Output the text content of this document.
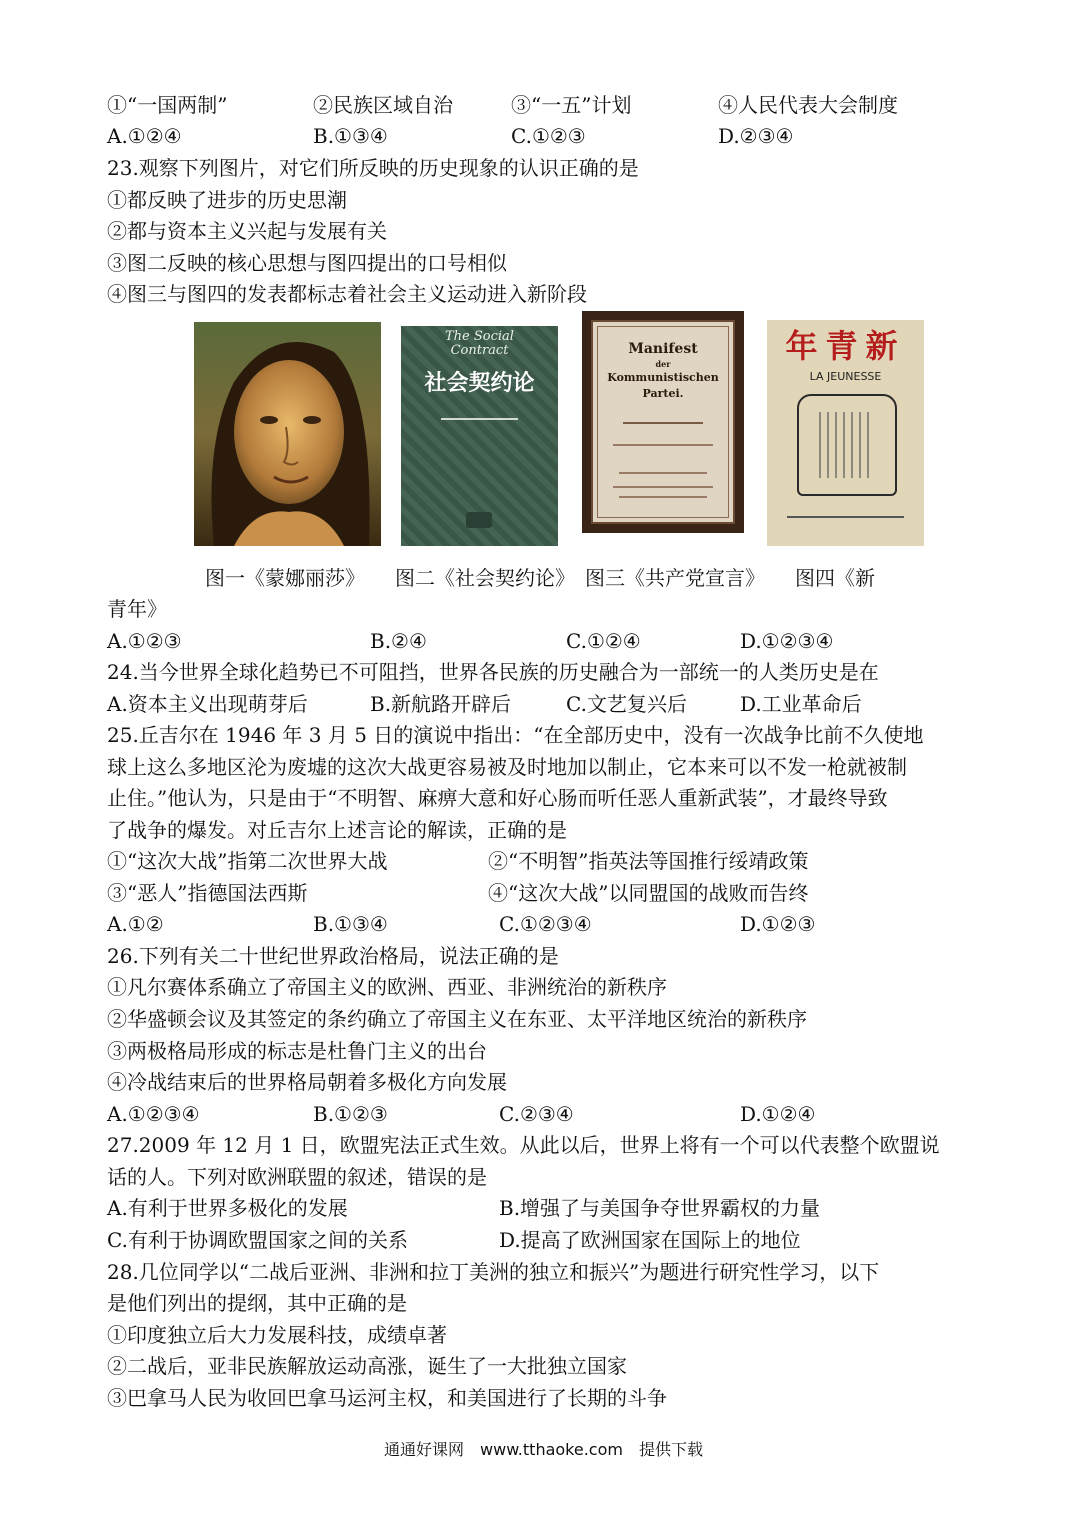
①“一国两制”	②民族区域自治	③“一五”计划	④人民代表大会制度
A.①②④	B.①③④	C.①②③	D.②③④
23.观察下列图片，对它们所反映的历史现象的认识正确的是
①都反映了进步的历史思潮
②都与资本主义兴起与发展有关
③图二反映的核心思想与图四提出的口号相似
④图三与图四的发表都标志着社会主义运动进入新阶段
The Social
Contract
社会契约论
Manifest
der
Kommunistischen
Partei.
年青新
LA JEUNESSE
图一《蒙娜丽莎》　　图二《社会契约论》　图三《共产党宣言》　　图四《新
青年》
A.①②③	B.②④	C.①②④	D.①②③④
24.当今世界全球化趋势已不可阻挡，世界各民族的历史融合为一部统一的人类历史是在
A.资本主义出现萌芽后	B.新航路开辟后	C.文艺复兴后	D.工业革命后
25.丘吉尔在 1946 年 3 月 5 日的演说中指出：“在全部历史中，没有一次战争比前不久使地
球上这么多地区沦为废墟的这次大战更容易被及时地加以制止，它本来可以不发一枪就被制
止住。”他认为，只是由于“不明智、麻痹大意和好心肠而听任恶人重新武装”，才最终导致
了战争的爆发。对丘吉尔上述言论的解读，正确的是
①“这次大战”指第二次世界大战	②“不明智”指英法等国推行绥靖政策
③“恶人”指德国法西斯	④“这次大战”以同盟国的战败而告终
A.①②	B.①③④	C.①②③④	D.①②③
26.下列有关二十世纪世界政治格局，说法正确的是
①凡尔赛体系确立了帝国主义的欧洲、西亚、非洲统治的新秩序
②华盛顿会议及其签定的条约确立了帝国主义在东亚、太平洋地区统治的新秩序
③两极格局形成的标志是杜鲁门主义的出台
④冷战结束后的世界格局朝着多极化方向发展
A.①②③④	B.①②③	C.②③④	D.①②④
27.2009 年 12 月 1 日，欧盟宪法正式生效。从此以后，世界上将有一个可以代表整个欧盟说
话的人。下列对欧洲联盟的叙述，错误的是
A.有利于世界多极化的发展	B.增强了与美国争夺世界霸权的力量
C.有利于协调欧盟国家之间的关系	D.提高了欧洲国家在国际上的地位
28.几位同学以“二战后亚洲、非洲和拉丁美洲的独立和振兴”为题进行研究性学习，以下
是他们列出的提纲，其中正确的是
①印度独立后大力发展科技，成绩卓著
②二战后，亚非民族解放运动高涨，诞生了一大批独立国家
③巴拿马人民为收回巴拿马运河主权，和美国进行了长期的斗争
通通好课网　www.tthaoke.com　提供下载
